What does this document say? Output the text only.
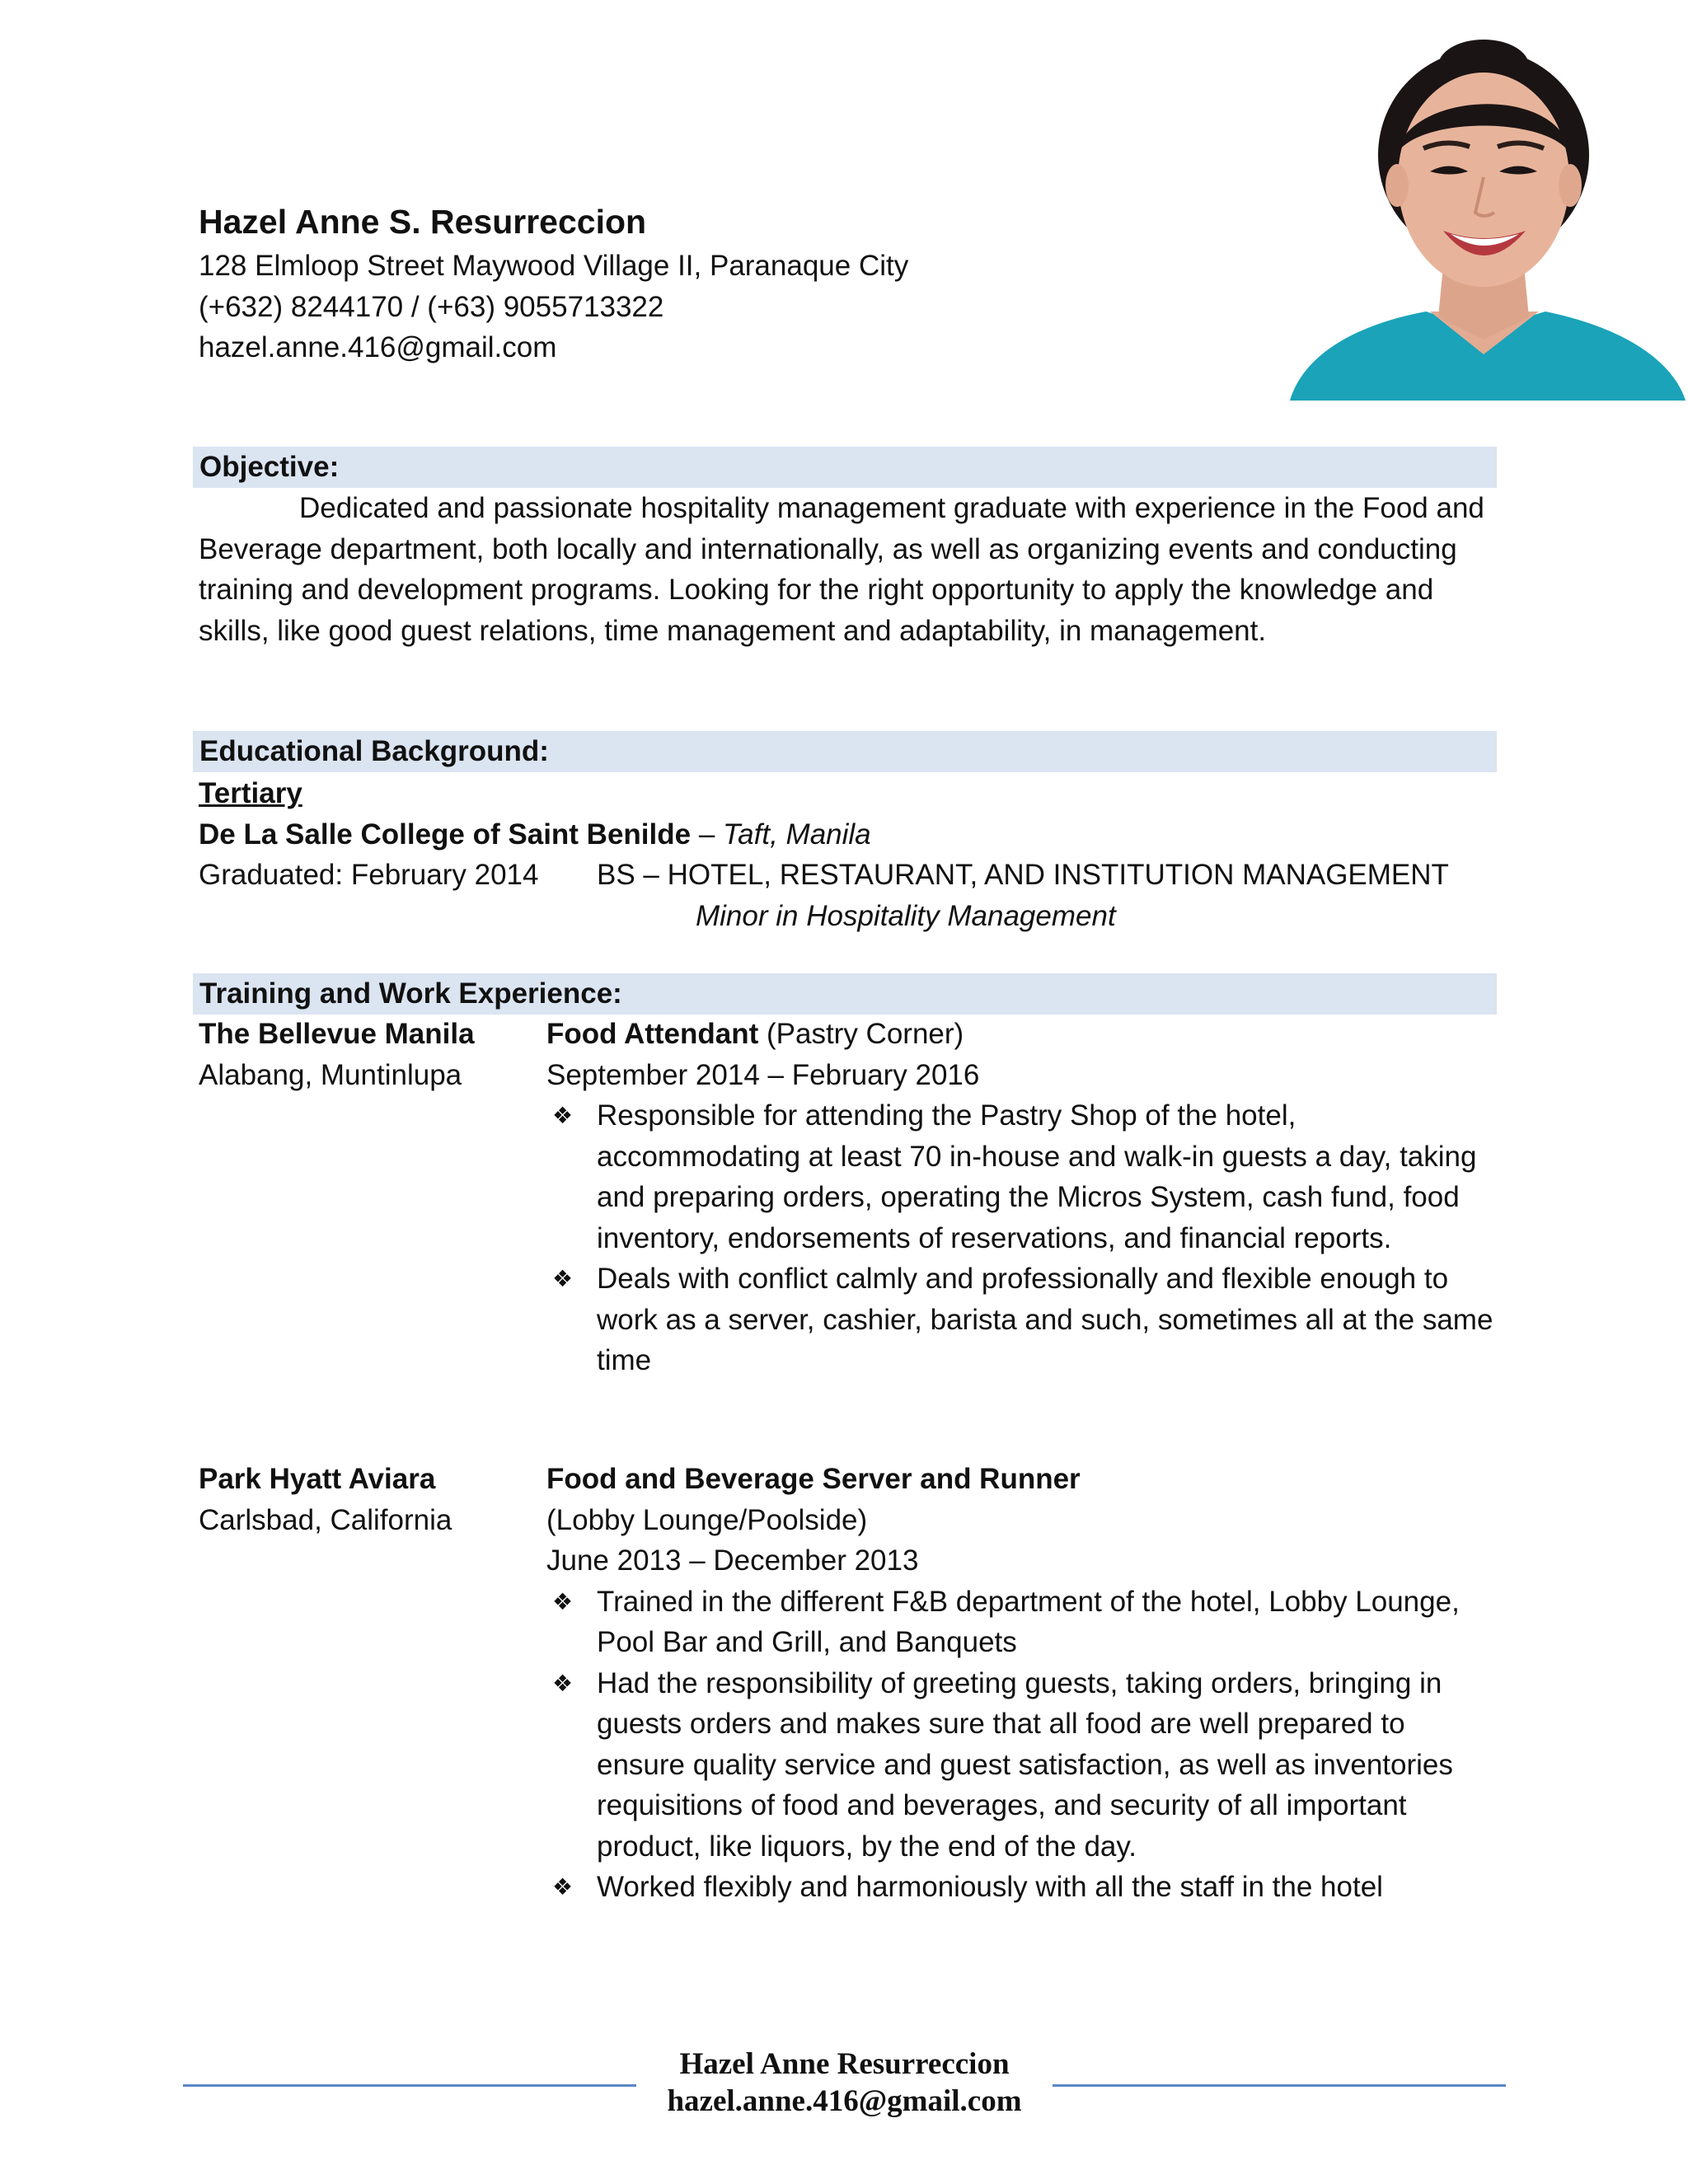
Hazel Anne S. Resurreccion
128 Elmloop Street Maywood Village II, Paranaque City
(+632) 8244170 / (+63) 9055713322
hazel.anne.416@gmail.com
Objective:

Dedicated and passionate hospitality management graduate with experience in the Food and Beverage department, both locally and internationally, as well as organizing events and conducting training and development programs. Looking for the right opportunity to apply the knowledge and skills, like good guest relations, time management and adaptability, in management.

Educational Background:
Tertiary
De La Salle College of Saint Benilde – Taft, Manila
Graduated: February 2014 BS – HOTEL, RESTAURANT, AND INSTITUTION MANAGEMENT
Minor in Hospitality Management
Training and Work Experience:
The Bellevue Manila
Alabang, Muntinlupa
Food Attendant (Pastry Corner)
September 2014 – February 2016
❖ Responsible for attending the Pastry Shop of the hotel, accommodating at least 70 in-house and walk-in guests a day, taking and preparing orders, operating the Micros System, cash fund, food inventory, endorsements of reservations, and financial reports.
❖ Deals with conflict calmly and professionally and flexible enough to work as a server, cashier, barista and such, sometimes all at the same time
Park Hyatt Aviara
Carlsbad, California
Food and Beverage Server and Runner
(Lobby Lounge/Poolside)
June 2013 – December 2013
❖ Trained in the different F&B department of the hotel, Lobby Lounge, Pool Bar and Grill, and Banquets
❖ Had the responsibility of greeting guests, taking orders, bringing in guests orders and makes sure that all food are well prepared to ensure quality service and guest satisfaction, as well as inventories requisitions of food and beverages, and security of all important product, like liquors, by the end of the day.
❖ Worked flexibly and harmoniously with all the staff in the hotel
Hazel Anne Resurreccion
hazel.anne.416@gmail.com
